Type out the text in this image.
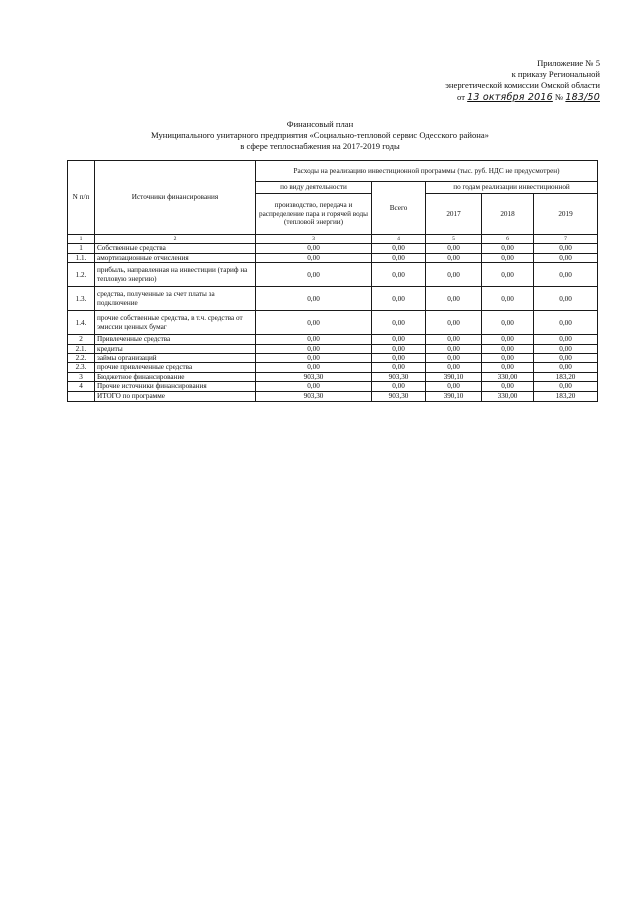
Приложение № 5
к приказу Региональной
энергетической комиссии Омской области
от 13 октября 2016 № 183/50
Финансовый план
Муниципального унитарного предприятия «Социально-тепловой сервис Одесского района»
в сфере теплоснабжения на 2017-2019 годы
N п/п	Источники финансирования	Расходы на реализацию инвестиционной программы (тыс. руб. НДС не предусмотрен)				
		по виду деятельности	Всего	по годам реализации инвестиционной		
		производство, передача и распределение пара и горячей воды (тепловой энергии)		2017	2018	2019
1	2	3	4	5	6	7
1	Собственные средства	0,00	0,00	0,00	0,00	0,00
1.1.	амортизационные отчисления	0,00	0,00	0,00	0,00	0,00
1.2.	прибыль, направленная на инвестиции (тариф на тепловую энергию)	0,00	0,00	0,00	0,00	0,00
1.3.	средства, полученные за счет платы за подключение	0,00	0,00	0,00	0,00	0,00
1.4.	прочие собственные средства, в т.ч. средства от эмиссии ценных бумаг	0,00	0,00	0,00	0,00	0,00
2	Привлеченные средства	0,00	0,00	0,00	0,00	0,00
2.1.	кредиты	0,00	0,00	0,00	0,00	0,00
2.2.	займы организаций	0,00	0,00	0,00	0,00	0,00
2.3.	прочие привлеченные средства	0,00	0,00	0,00	0,00	0,00
3	Бюджетное финансирование	903,30	903,30	390,10	330,00	183,20
4	Прочие источники финансирования	0,00	0,00	0,00	0,00	0,00
	ИТОГО по программе	903,30	903,30	390,10	330,00	183,20
